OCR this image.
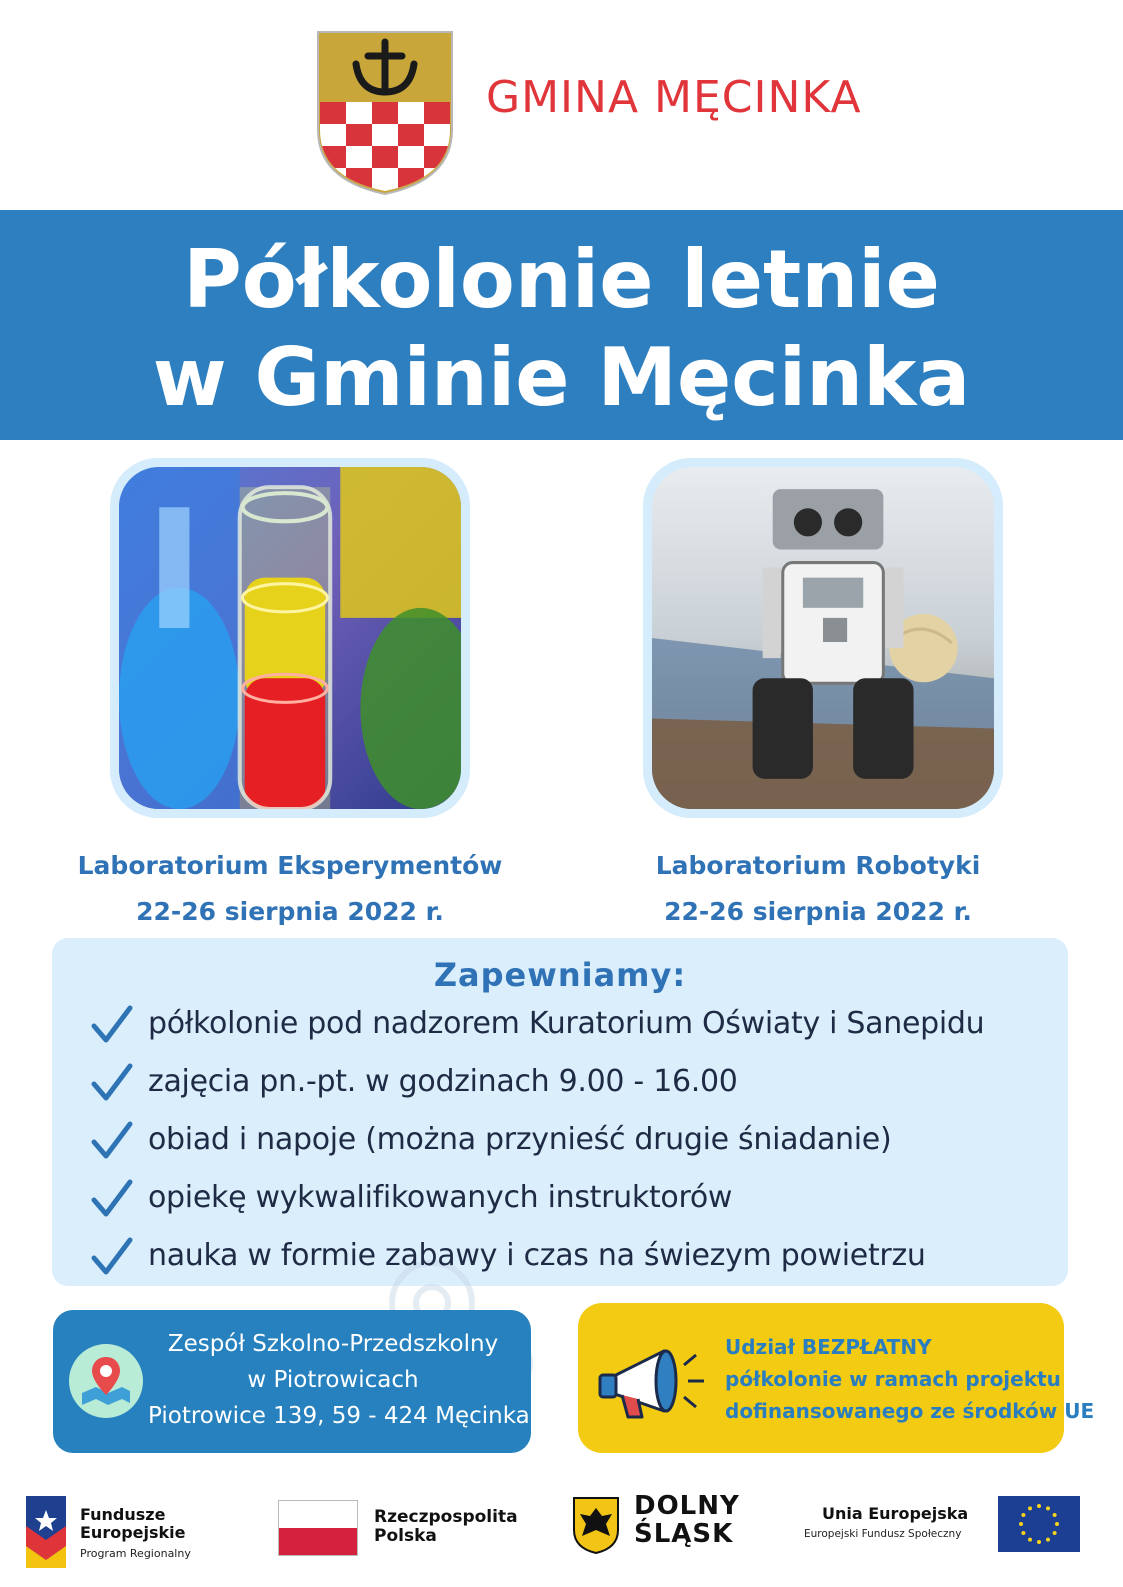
GMINA MĘCINKA
Półkolonie letnie
w Gminie Męcinka
Laboratorium Eksperymentów
22-26 sierpnia 2022 r.
Laboratorium Robotyki
22-26 sierpnia 2022 r.
Zapewniamy:
półkolonie pod nadzorem Kuratorium Oświaty i Sanepidu
zajęcia pn.-pt. w godzinach 9.00 - 16.00
obiad i napoje (można przynieść drugie śniadanie)
opiekę wykwalifikowanych instruktorów
nauka w formie zabawy i czas na świezym powietrzu
Zespół Szkolno-Przedszkolny
w Piotrowicach
Piotrowice 139, 59 - 424 Męcinka
Udział BEZPŁATNY
półkolonie w ramach projektu
dofinansowanego ze środków UE
Fundusze
Europejskie
Program Regionalny
Rzeczpospolita
Polska
DOLNY
ŚLĄSK
Unia Europejska
Europejski Fundusz Społeczny
